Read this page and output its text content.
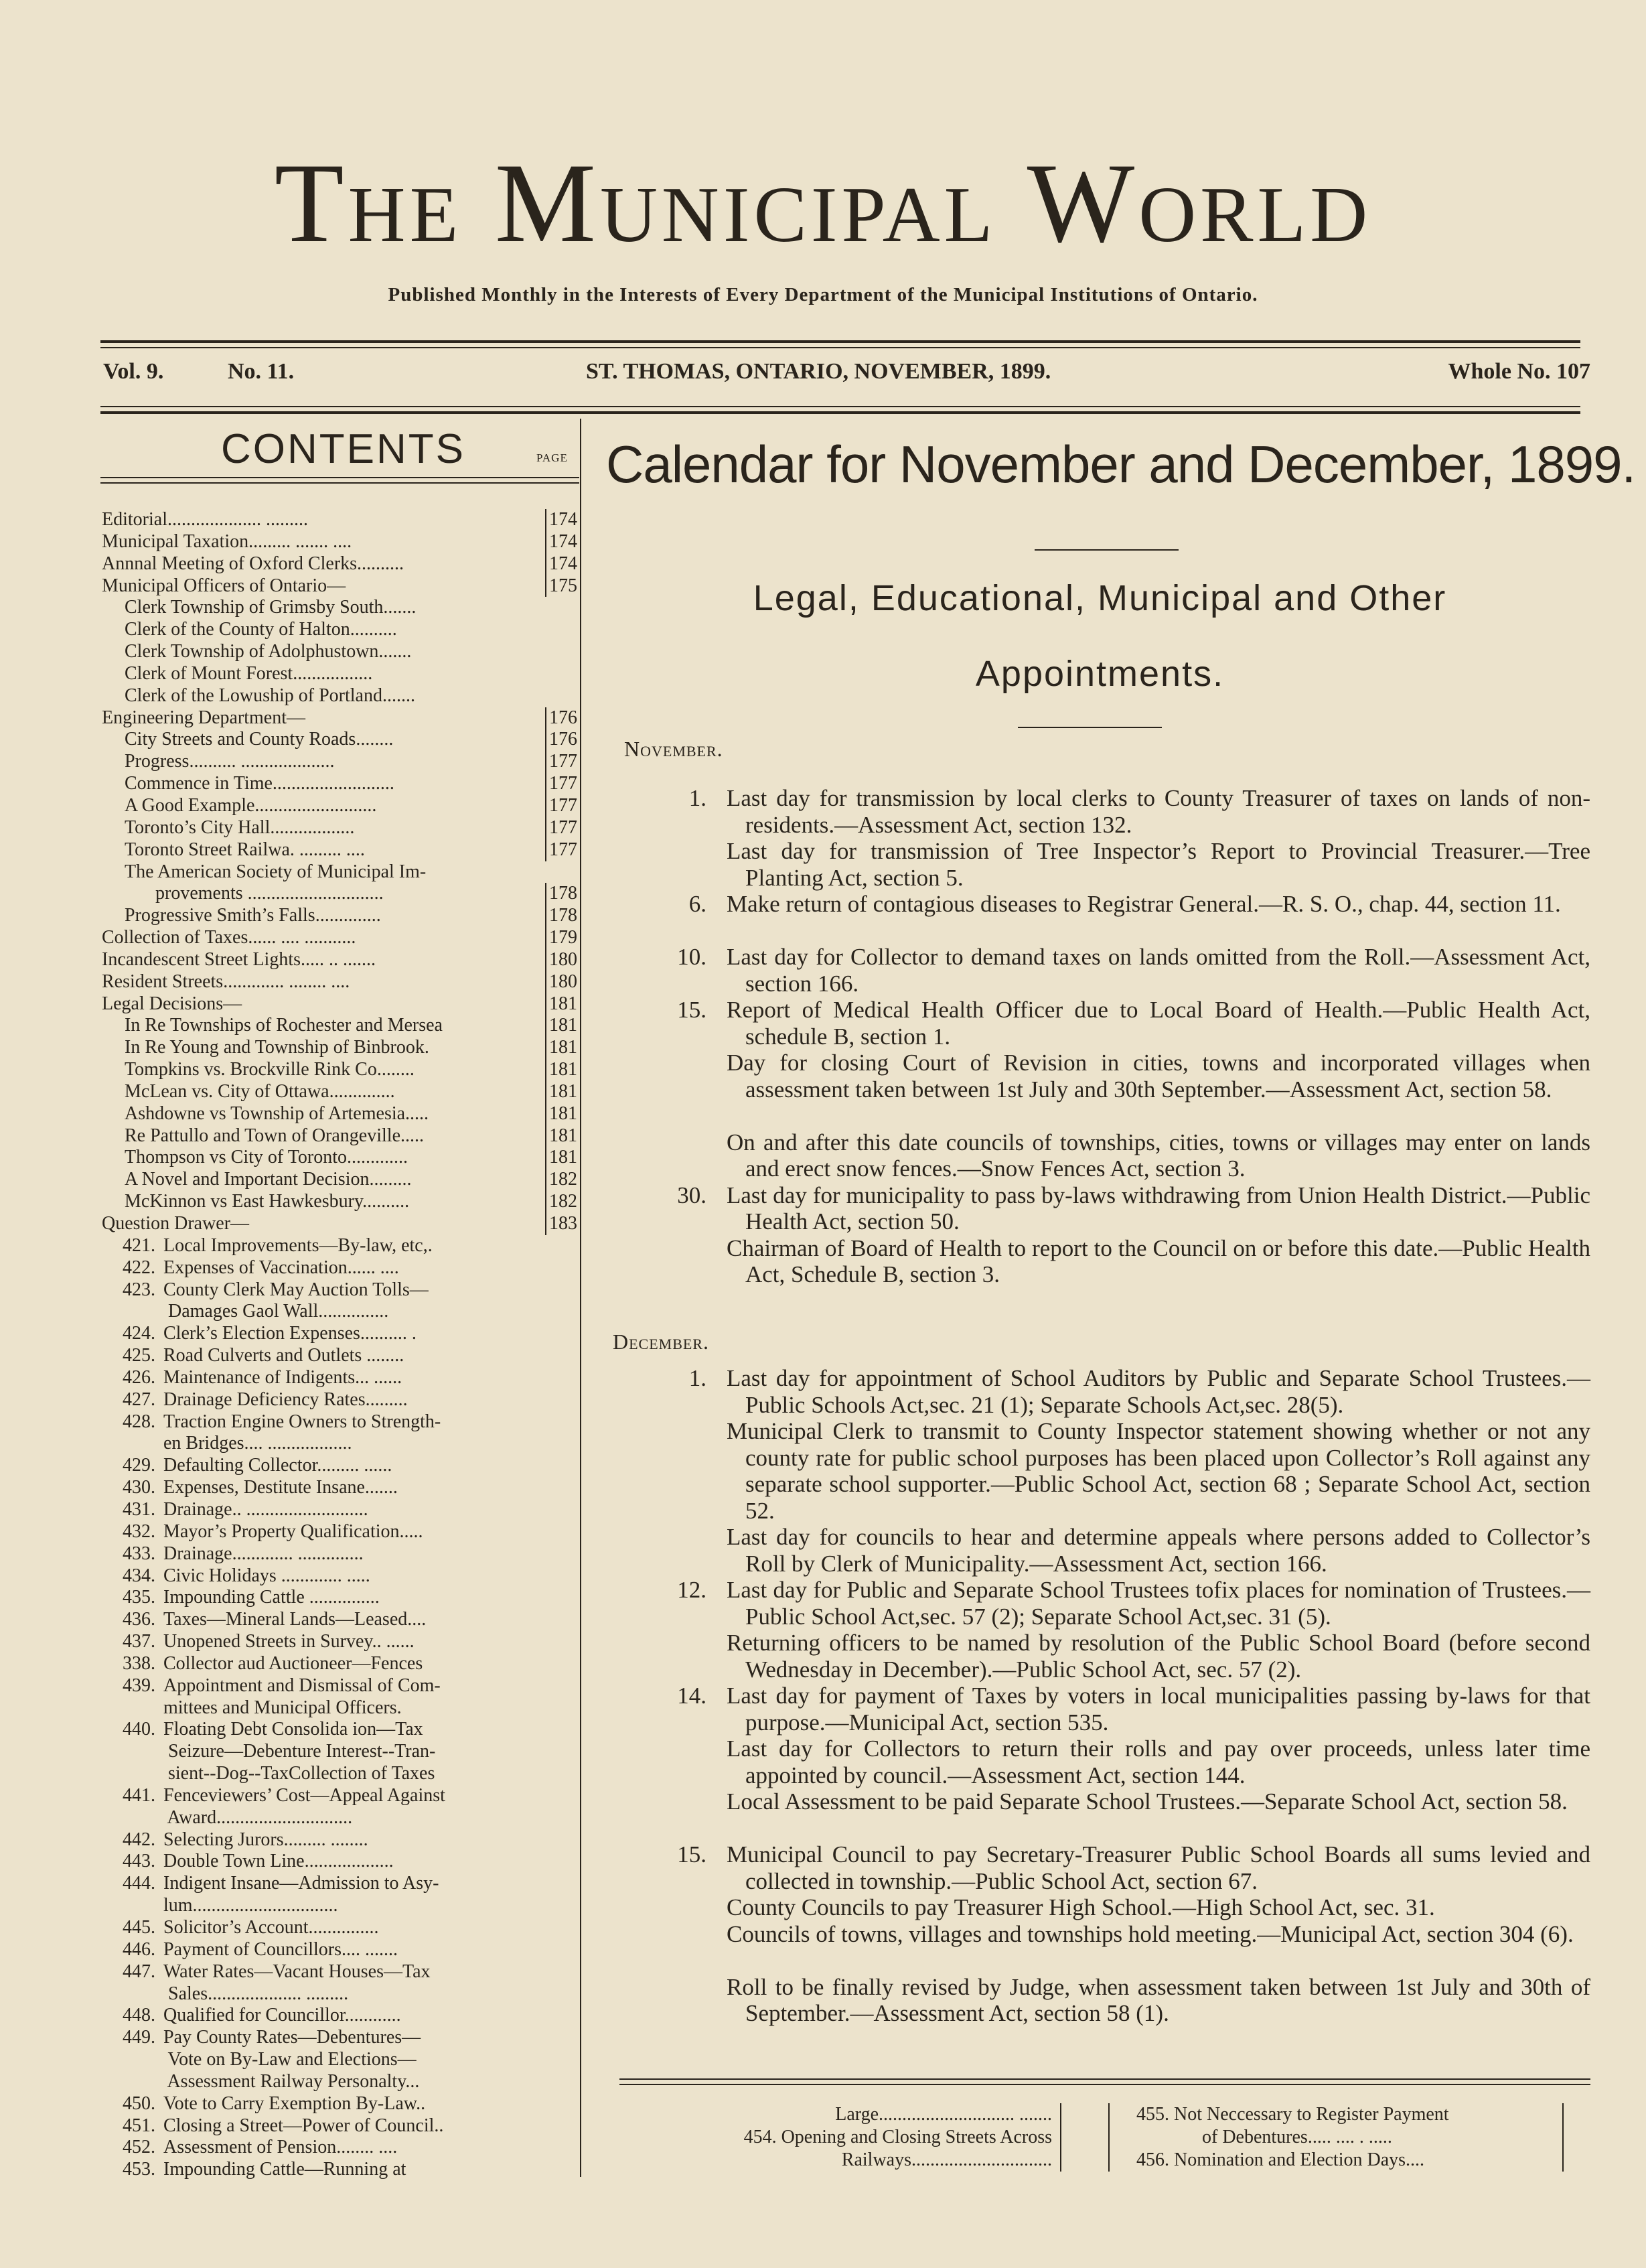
The Municipal World
Published Monthly in the Interests of Every Department of the Municipal Institutions of Ontario.
Vol. 9.	No. 11.	ST. THOMAS, ONTARIO, NOVEMBER, 1899.	Whole No. 107
CONTENTS	PAGE
Editorial.................... .........	174
Municipal Taxation......... ....... ....	174
Annnal Meeting of Oxford Clerks..........	174
Municipal Officers of Ontario—	175
Clerk Township of Grimsby South.......
Clerk of the County of Halton..........
Clerk Township of Adolphustown.......
Clerk of Mount Forest.................
Clerk of the Lowuship of Portland.......
Engineering Department—	176
City Streets and County Roads........	176
Progress.......... ....................	177
Commence in Time..........................	177
A Good Example..........................	177
Toronto’s City Hall..................	177
Toronto Street Railwa. ......... ....	177
The American Society of Municipal Im-
provements .............................	178
Progressive Smith’s Falls..............	178
Collection of Taxes...... .... ...........	179
Incandescent Street Lights..... .. .......	180
Resident Streets............. ........ ....	180
Legal Decisions—	181
In Re Townships of Rochester and Mersea	181
In Re Young and Township of Binbrook.	181
Tompkins vs. Brockville Rink Co........	181
McLean vs. City of Ottawa..............	181
Ashdowne vs Township of Artemesia.....	181
Re Pattullo and Town of Orangeville.....	181
Thompson vs City of Toronto.............	181
A Novel and Important Decision.........	182
McKinnon vs East Hawkesbury..........	182
Question Drawer—	183
421. Local Improvements—By-law, etc,.
422. Expenses of Vaccination...... ....
423. County Clerk May Auction Tolls—
Damages Gaol Wall...............
424. Clerk’s Election Expenses.......... .
425. Road Culverts and Outlets ........
426. Maintenance of Indigents... ......
427. Drainage Deficiency Rates.........
428. Traction Engine Owners to Strength-
en Bridges.... ..................
429. Defaulting Collector......... ......
430. Expenses, Destitute Insane.......
431. Drainage.. ..........................
432. Mayor’s Property Qualification.....
433. Drainage............. ..............
434. Civic Holidays ............. .....
435. Impounding Cattle ...............
436. Taxes—Mineral Lands—Leased....
437. Unopened Streets in Survey.. ......
338. Collector aud Auctioneer—Fences
439. Appointment and Dismissal of Com-
mittees and Municipal Officers.
440. Floating Debt Consolida ion—Tax
Seizure—Debenture Interest--Tran-
sient--Dog--TaxCollection of Taxes
441. Fenceviewers’ Cost—Appeal Against
Award.............................
442. Selecting Jurors......... ........
443. Double Town Line...................
444. Indigent Insane—Admission to Asy-
lum...............................
445. Solicitor’s Account...............
446. Payment of Councillors.... .......
447. Water Rates—Vacant Houses—Tax
Sales.................... .........
448. Qualified for Councillor............
449. Pay County Rates—Debentures—
Vote on By-Law and Elections—
Assessment Railway Personalty...
450. Vote to Carry Exemption By-Law..
451. Closing a Street—Power of Council..
452. Assessment of Pension........ ....
453. Impounding Cattle—Running at
Calendar for November and December, 1899.
Legal, Educational, Municipal and Other
Appointments.
November.
1. Last day for transmission by local clerks to County Treasurer of taxes on lands of non-residents.—Assessment Act, section 132.
Last day for transmission of Tree Inspector’s Report to Provincial Treasurer.—Tree Planting Act, section 5.
6. Make return of contagious diseases to Registrar General.—R. S. O., chap. 44, section 11.
10. Last day for Collector to demand taxes on lands omitted from the Roll.—Assessment Act, section 166.
15. Report of Medical Health Officer due to Local Board of Health.—Public Health Act, schedule B, section 1.
Day for closing Court of Revision in cities, towns and incorporated villages when assessment taken between 1st July and 30th September.—Assessment Act, section 58.
On and after this date councils of townships, cities, towns or villages may enter on lands and erect snow fences.—Snow Fences Act, section 3.
30. Last day for municipality to pass by-laws withdrawing from Union Health District.—Public Health Act, section 50.
Chairman of Board of Health to report to the Council on or before this date.—Public Health Act, Schedule B, section 3.
December.
1. Last day for appointment of School Auditors by Public and Separate School Trustees.—Public Schools Act,sec. 21 (1); Separate Schools Act,sec. 28(5).
Municipal Clerk to transmit to County Inspector statement showing whether or not any county rate for public school purposes has been placed upon Collector’s Roll against any separate school supporter.—Public School Act, section 68 ; Separate School Act, section 52.
Last day for councils to hear and determine appeals where persons added to Collector’s Roll by Clerk of Municipality.—Assessment Act, section 166.
12. Last day for Public and Separate School Trustees tofix places for nomination of Trustees.—Public School Act,sec. 57 (2); Separate School Act,sec. 31 (5).
Returning officers to be named by resolution of the Public School Board (before second Wednesday in December).—Public School Act, sec. 57 (2).
14. Last day for payment of Taxes by voters in local municipalities passing by-laws for that purpose.—Municipal Act, section 535.
Last day for Collectors to return their rolls and pay over proceeds, unless later time appointed by council.—Assessment Act, section 144.
Local Assessment to be paid Separate School Trustees.—Separate School Act, section 58.
15. Municipal Council to pay Secretary-Treasurer Public School Boards all sums levied and collected in township.—Public School Act, section 67.
County Councils to pay Treasurer High School.—High School Act, sec. 31.
Councils of towns, villages and townships hold meeting.—Municipal Act, section 304 (6).
Roll to be finally revised by Judge, when assessment taken between 1st July and 30th of September.—Assessment Act, section 58 (1).
Large............................. .......
454. Opening and Closing Streets Across
Railways..............................
455. Not Neccessary to Register Payment
of Debentures..... .... . .....
456. Nomination and Election Days....
